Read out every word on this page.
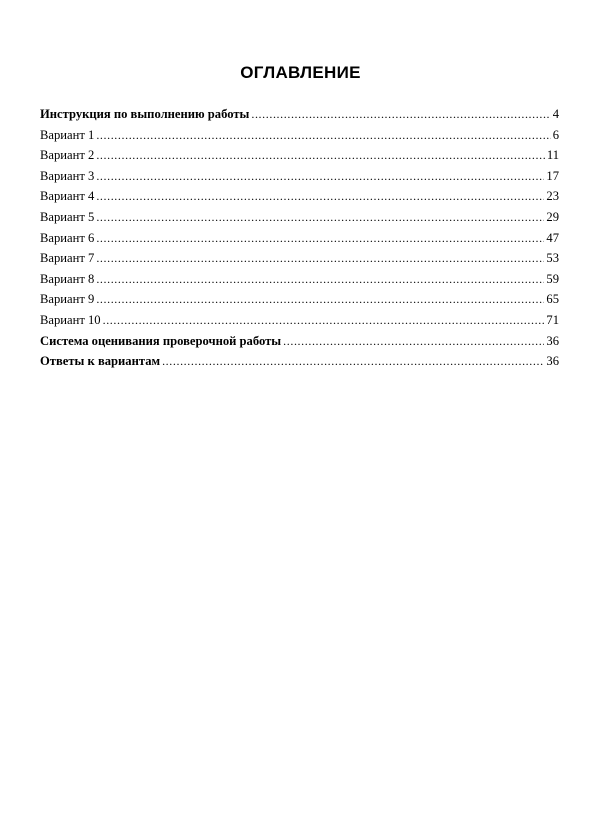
ОГЛАВЛЕНИЕ
Инструкция по выполнению работы .....	4
Вариант 1 .....	6
Вариант 2 .....	11
Вариант 3 .....	17
Вариант 4 .....	23
Вариант 5 .....	29
Вариант 6 .....	47
Вариант 7 .....	53
Вариант 8 .....	59
Вариант 9 .....	65
Вариант 10 .....	71
Система оценивания проверочной работы .....	36
Ответы к вариантам .....	36
